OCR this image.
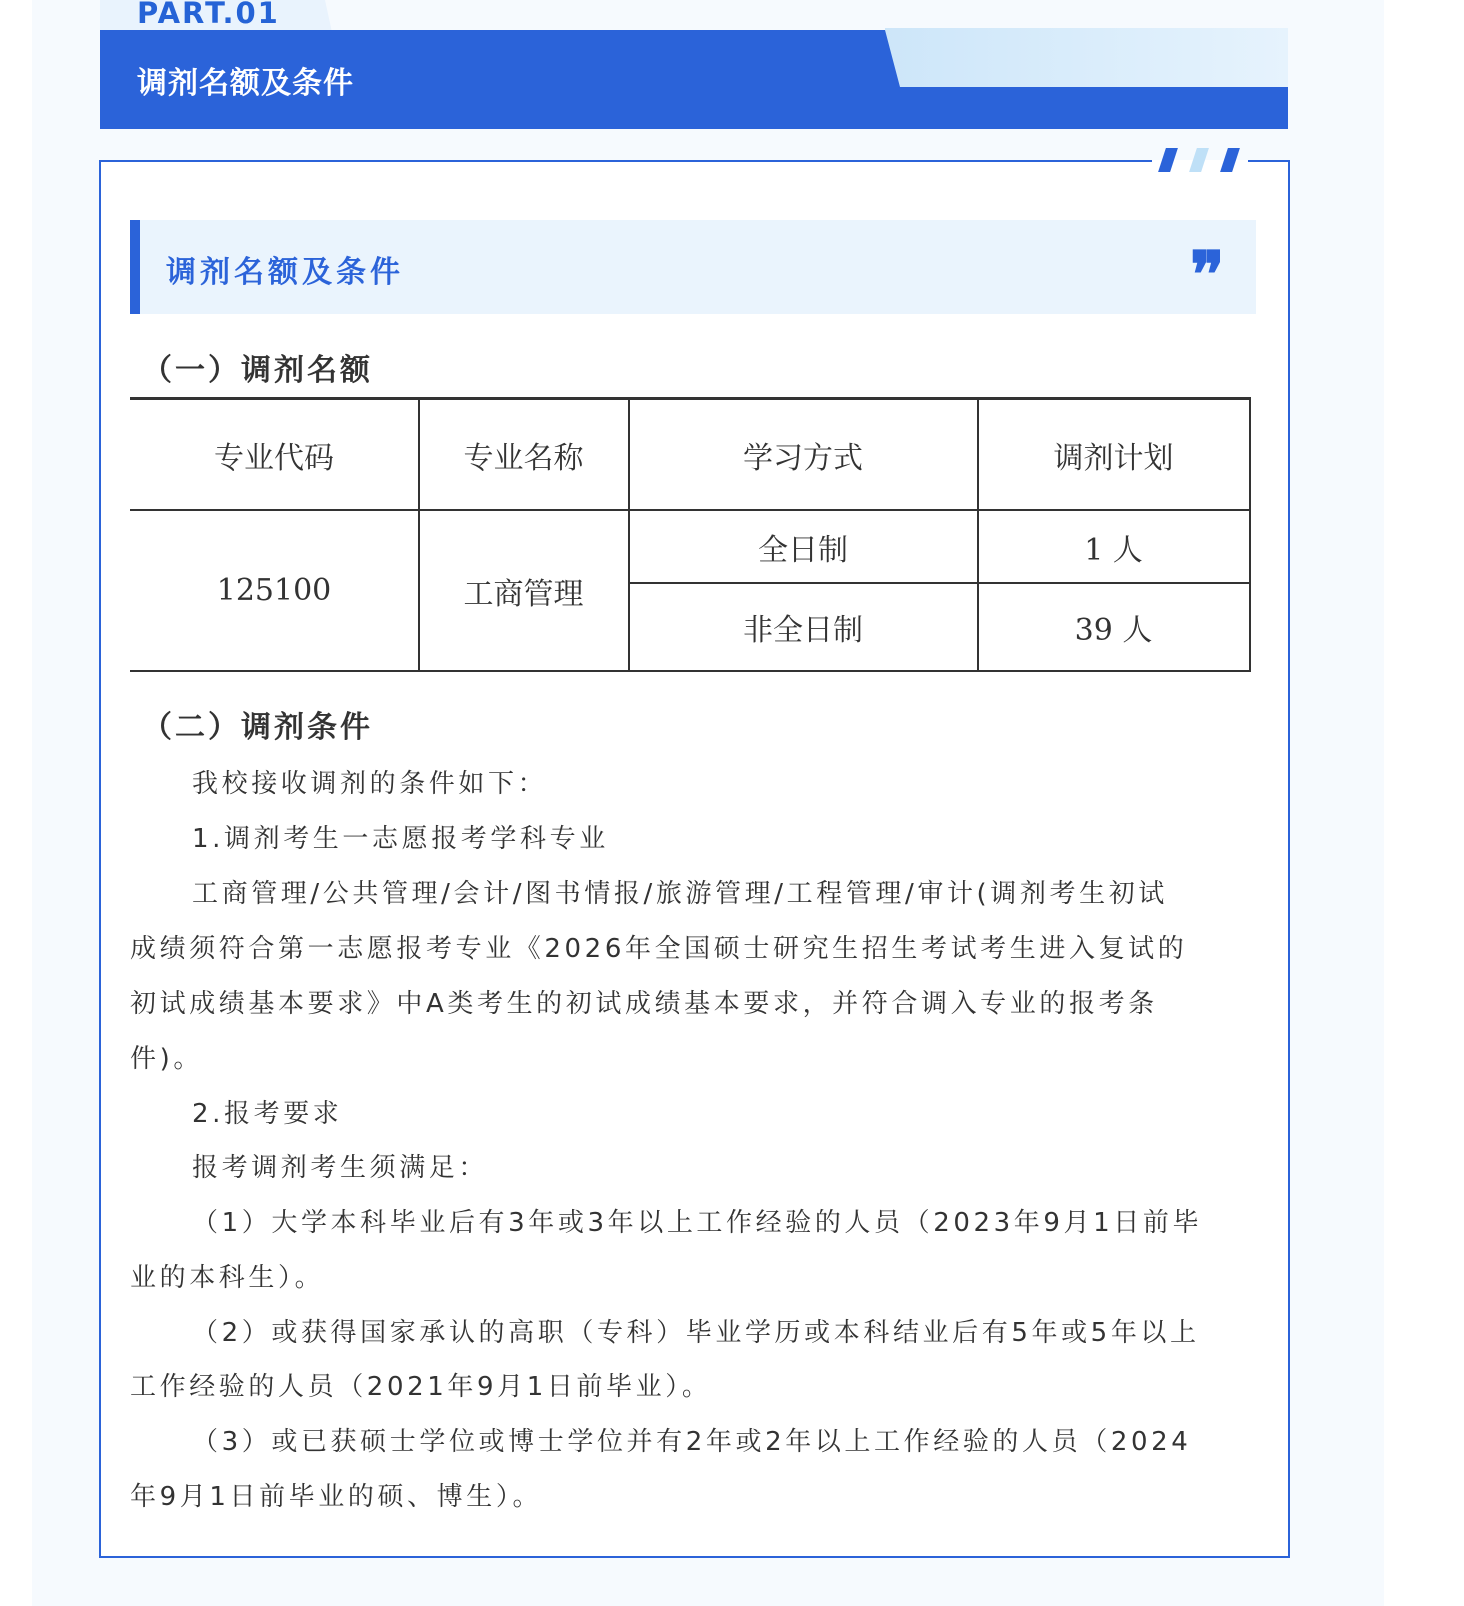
PART.01
调剂名额及条件
调剂名额及条件	❞
（一）调剂名额
专业代码	专业名称	学习方式	调剂计划
125100	工商管理
全日制	1 人
非全日制	39 人
（二）调剂条件
我校接收调剂的条件如下：
1.调剂考生一志愿报考学科专业
工商管理/公共管理/会计/图书情报/旅游管理/工程管理/审计(调剂考生初试
成绩须符合第一志愿报考专业《2026年全国硕士研究生招生考试考生进入复试的
初试成绩基本要求》中A类考生的初试成绩基本要求，并符合调入专业的报考条
件)。
2.报考要求
报考调剂考生须满足：
（1）大学本科毕业后有3年或3年以上工作经验的人员（2023年9月1日前毕
业的本科生）。
（2）或获得国家承认的高职（专科）毕业学历或本科结业后有5年或5年以上
工作经验的人员（2021年9月1日前毕业）。
（3）或已获硕士学位或博士学位并有2年或2年以上工作经验的人员（2024
年9月1日前毕业的硕、博生）。
